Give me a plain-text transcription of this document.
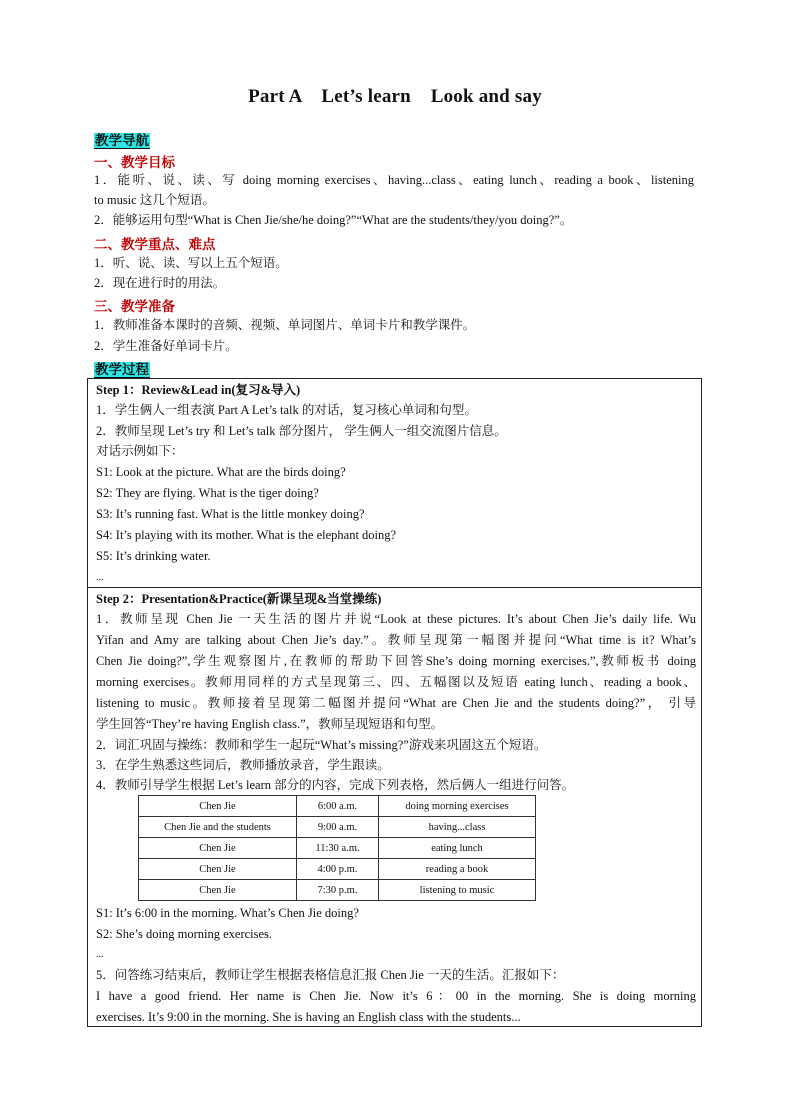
Part A    Let’s learn    Look and say
教学导航
一、教学目标
1．能听、说、读、写 doing morning exercises、having...class、eating lunch、reading a book、listening
to music 这几个短语。
2．能够运用句型“What is Chen Jie/she/he doing?”“What are the students/they/you doing?”。
二、教学重点、难点
1．听、说、读、写以上五个短语。
2．现在进行时的用法。
三、教学准备
1．教师准备本课时的音频、视频、单词图片、单词卡片和教学课件。
2．学生准备好单词卡片。
教学过程
Step 1：Review&Lead in(复习&导入)
1．学生俩人一组表演 Part A Let’s talk 的对话，复习核心单词和句型。
2．教师呈现 Let’s try 和 Let’s talk 部分图片， 学生俩人一组交流图片信息。
对话示例如下：
S1: Look at the picture. What are the birds doing?
S2: They are flying. What is the tiger doing?
S3: It’s running fast. What is the little monkey doing?
S4: It’s playing with its mother. What is the elephant doing?
S5: It’s drinking water.
...
Step 2：Presentation&Practice(新课呈现&当堂操练)
1．教师呈现 Chen Jie 一天生活的图片并说“Look at these pictures. It’s about Chen Jie’s daily life. Wu
Yifan and Amy are talking about Chen Jie’s day.”。教师呈现第一幅图并提问“What time is it? What’s
Chen Jie doing?”,学生观察图片,在教师的帮助下回答She’s doing morning exercises.”,教师板书 doing
morning exercises。教师用同样的方式呈现第三、四、五幅图以及短语 eating lunch、reading a book、
listening to music。教师接着呈现第二幅图并提问“What are Chen Jie and the students doing?”， 引导
学生回答“They’re having English class.”，教师呈现短语和句型。
2．词汇巩固与操练：教师和学生一起玩“What’s missing?”游戏来巩固这五个短语。
3．在学生熟悉这些词后，教师播放录音，学生跟读。
4．教师引导学生根据 Let’s learn 部分的内容，完成下列表格，然后俩人一组进行问答。
Chen Jie	6:00 a.m.	doing morning exercises
Chen Jie and the students	9:00 a.m.	having...class
Chen Jie	11:30 a.m.	eating lunch
Chen Jie	4:00 p.m.	reading a book
Chen Jie	7:30 p.m.	listening to music
S1: It’s 6:00 in the morning. What’s Chen Jie doing?
S2: She’s doing morning exercises.
...
5．问答练习结束后，教师让学生根据表格信息汇报 Chen Jie 一天的生活。汇报如下：
I have a good friend. Her name is Chen Jie. Now it’s 6：00 in the morning. She is doing morning
exercises. It’s 9:00 in the morning. She is having an English class with the students...
